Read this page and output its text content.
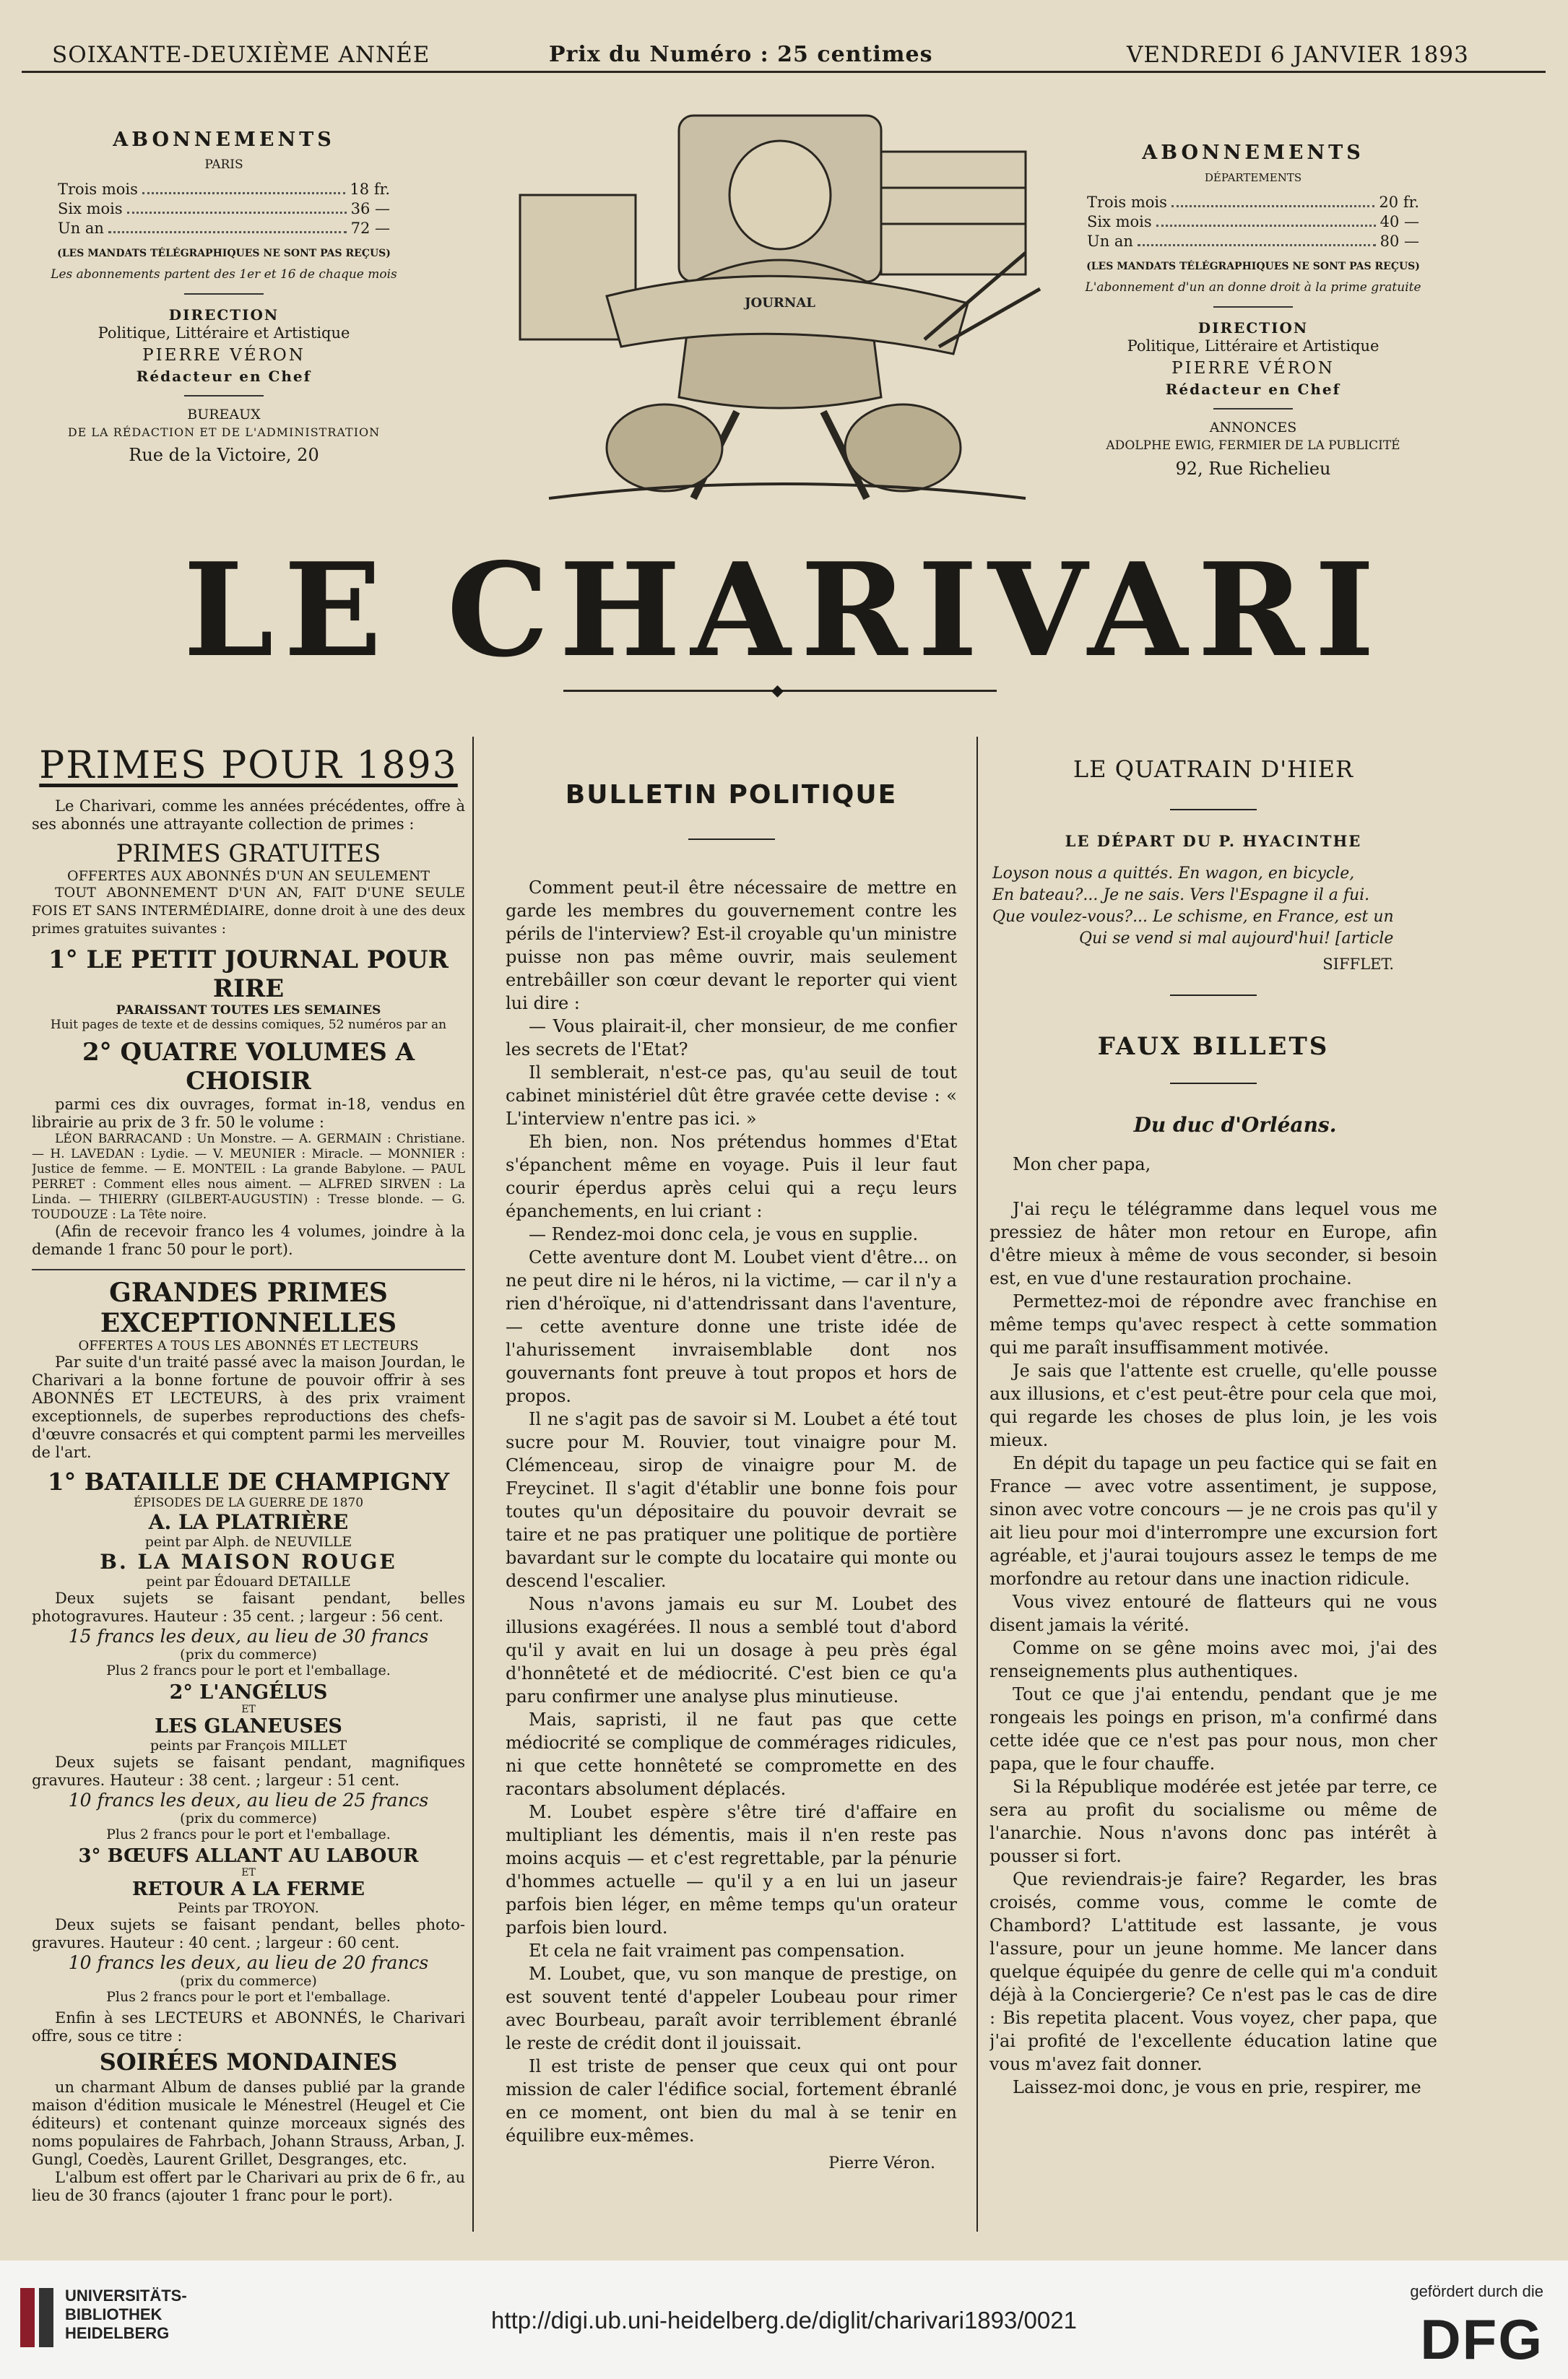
SOIXANTE-DEUXIÈME ANNÉE	Prix du Numéro : 25 centimes	VENDREDI 6 JANVIER 1893
ABONNEMENTS
PARIS
Trois mois	18 fr.
Six mois	36 —
Un an	72 —
(LES MANDATS TÉLÉGRAPHIQUES NE SONT PAS REÇUS)
Les abonnements partent des 1er et 16 de chaque mois
DIRECTION
Politique, Littéraire et Artistique
PIERRE VÉRON
Rédacteur en Chef
BUREAUX
DE LA RÉDACTION ET DE L'ADMINISTRATION
Rue de la Victoire, 20
JOURNAL
ABONNEMENTS
DÉPARTEMENTS
Trois mois	20 fr.
Six mois	40 —
Un an	80 —
(LES MANDATS TÉLÉGRAPHIQUES NE SONT PAS REÇUS)
L'abonnement d'un an donne droit à la prime gratuite
DIRECTION
Politique, Littéraire et Artistique
PIERRE VÉRON
Rédacteur en Chef
ANNONCES
ADOLPHE EWIG, FERMIER DE LA PUBLICITÉ
92, Rue Richelieu
LE CHARIVARI
◆
PRIMES POUR 1893

Le Charivari, comme les années précédentes, offre à ses abonnés une attrayante collection de primes :

PRIMES GRATUITES
OFFERTES AUX ABONNÉS D'UN AN SEULEMENT

TOUT ABONNEMENT D'UN AN, FAIT D'UNE SEULE FOIS ET SANS INTERMÉDIAIRE, donne droit à une des deux primes gratuites suivantes :

1° LE PETIT JOURNAL POUR RIRE
PARAISSANT TOUTES LES SEMAINES
Huit pages de texte et de dessins comiques, 52 numéros par an
2° QUATRE VOLUMES A CHOISIR

parmi ces dix ouvrages, format in-18, vendus en librairie au prix de 3 fr. 50 le volume :

LÉON BARRACAND : Un Monstre. — A. GERMAIN : Christiane. — H. LAVEDAN : Lydie. — V. MEUNIER : Miracle. — MONNIER : Justice de femme. — E. MONTEIL : La grande Babylone. — PAUL PERRET : Comment elles nous aiment. — ALFRED SIRVEN : La Linda. — THIERRY (GILBERT-AUGUSTIN) : Tresse blonde. — G. TOUDOUZE : La Tête noire.

(Afin de recevoir franco les 4 volumes, joindre à la demande 1 franc 50 pour le port).

GRANDES PRIMES EXCEPTIONNELLES
OFFERTES A TOUS LES ABONNÉS ET LECTEURS

Par suite d'un traité passé avec la maison Jourdan, le Charivari a la bonne fortune de pouvoir offrir à ses ABONNÉS ET LECTEURS, à des prix vraiment exceptionnels, de superbes reproductions des chefs-d'œuvre consacrés et qui comptent parmi les merveilles de l'art.

1° BATAILLE DE CHAMPIGNY
ÉPISODES DE LA GUERRE DE 1870
A. LA PLATRIÈRE
peint par Alph. de NEUVILLE
B. LA MAISON ROUGE
peint par Édouard DETAILLE

Deux sujets se faisant pendant, belles photogravures. Hauteur : 35 cent. ; largeur : 56 cent.

15 francs les deux, au lieu de 30 francs
(prix du commerce)
Plus 2 francs pour le port et l'emballage.
2° L'ANGÉLUS
ET
LES GLANEUSES
peints par François MILLET

Deux sujets se faisant pendant, magnifiques gravures. Hauteur : 38 cent. ; largeur : 51 cent.

10 francs les deux, au lieu de 25 francs
(prix du commerce)
Plus 2 francs pour le port et l'emballage.
3° BŒUFS ALLANT AU LABOUR
ET
RETOUR A LA FERME
Peints par TROYON.

Deux sujets se faisant pendant, belles photo-gravures. Hauteur : 40 cent. ; largeur : 60 cent.

10 francs les deux, au lieu de 20 francs
(prix du commerce)
Plus 2 francs pour le port et l'emballage.

Enfin à ses LECTEURS et ABONNÉS, le Charivari offre, sous ce titre :

SOIRÉES MONDAINES

un charmant Album de danses publié par la grande maison d'édition musicale le Ménestrel (Heugel et Cie éditeurs) et contenant quinze morceaux signés des noms populaires de Fahrbach, Johann Strauss, Arban, J. Gungl, Coedès, Laurent Grillet, Desgranges, etc.

L'album est offert par le Charivari au prix de 6 fr., au lieu de 30 francs (ajouter 1 franc pour le port).

BULLETIN POLITIQUE

Comment peut-il être nécessaire de mettre en garde les membres du gouvernement contre les périls de l'interview? Est-il croyable qu'un ministre puisse non pas même ouvrir, mais seulement entrebâiller son cœur devant le reporter qui vient lui dire :

— Vous plairait-il, cher monsieur, de me confier les secrets de l'Etat?

Il semblerait, n'est-ce pas, qu'au seuil de tout cabinet ministériel dût être gravée cette devise : « L'interview n'entre pas ici. »

Eh bien, non. Nos prétendus hommes d'Etat s'épanchent même en voyage. Puis il leur faut courir éperdus après celui qui a reçu leurs épanchements, en lui criant :

— Rendez-moi donc cela, je vous en supplie.

Cette aventure dont M. Loubet vient d'être... on ne peut dire ni le héros, ni la victime, — car il n'y a rien d'héroïque, ni d'attendrissant dans l'aventure, — cette aventure donne une triste idée de l'ahurissement invraisemblable dont nos gouvernants font preuve à tout propos et hors de propos.

Il ne s'agit pas de savoir si M. Loubet a été tout sucre pour M. Rouvier, tout vinaigre pour M. Clémenceau, sirop de vinaigre pour M. de Freycinet. Il s'agit d'établir une bonne fois pour toutes qu'un dépositaire du pouvoir devrait se taire et ne pas pratiquer une politique de portière bavardant sur le compte du locataire qui monte ou descend l'escalier.

Nous n'avons jamais eu sur M. Loubet des illusions exagérées. Il nous a semblé tout d'abord qu'il y avait en lui un dosage à peu près égal d'honnêteté et de médiocrité. C'est bien ce qu'a paru confirmer une analyse plus minutieuse.

Mais, sapristi, il ne faut pas que cette médiocrité se complique de commérages ridicules, ni que cette honnêteté se compromette en des racontars absolument déplacés.

M. Loubet espère s'être tiré d'affaire en multipliant les démentis, mais il n'en reste pas moins acquis — et c'est regrettable, par la pénurie d'hommes actuelle — qu'il y a en lui un jaseur parfois bien léger, en même temps qu'un orateur parfois bien lourd.

Et cela ne fait vraiment pas compensation.

M. Loubet, que, vu son manque de prestige, on est souvent tenté d'appeler Loubeau pour rimer avec Bourbeau, paraît avoir terriblement ébranlé le reste de crédit dont il jouissait.

Il est triste de penser que ceux qui ont pour mission de caler l'édifice social, fortement ébranlé en ce moment, ont bien du mal à se tenir en équilibre eux-mêmes.

Pierre Véron.
LE QUATRAIN D'HIER
LE DÉPART DU P. HYACINTHE
Loyson nous a quittés. En wagon, en bicycle,
En bateau?... Je ne sais. Vers l'Espagne il a fui.
Que voulez-vous?... Le schisme, en France, est un
Qui se vend si mal aujourd'hui! [article
SIFFLET.
FAUX BILLETS
Du duc d'Orléans.

Mon cher papa,

J'ai reçu le télégramme dans lequel vous me pressiez de hâter mon retour en Europe, afin d'être mieux à même de vous seconder, si besoin est, en vue d'une restauration prochaine.

Permettez-moi de répondre avec franchise en même temps qu'avec respect à cette sommation qui me paraît insuffisamment motivée.

Je sais que l'attente est cruelle, qu'elle pousse aux illusions, et c'est peut-être pour cela que moi, qui regarde les choses de plus loin, je les vois mieux.

En dépit du tapage un peu factice qui se fait en France — avec votre assentiment, je suppose, sinon avec votre concours — je ne crois pas qu'il y ait lieu pour moi d'interrompre une excursion fort agréable, et j'aurai toujours assez le temps de me morfondre au retour dans une inaction ridicule.

Vous vivez entouré de flatteurs qui ne vous disent jamais la vérité.

Comme on se gêne moins avec moi, j'ai des renseignements plus authentiques.

Tout ce que j'ai entendu, pendant que je me rongeais les poings en prison, m'a confirmé dans cette idée que ce n'est pas pour nous, mon cher papa, que le four chauffe.

Si la République modérée est jetée par terre, ce sera au profit du socialisme ou même de l'anarchie. Nous n'avons donc pas intérêt à pousser si fort.

Que reviendrais-je faire? Regarder, les bras croisés, comme vous, comme le comte de Chambord? L'attitude est lassante, je vous l'assure, pour un jeune homme. Me lancer dans quelque équipée du genre de celle qui m'a conduit déjà à la Conciergerie? Ce n'est pas le cas de dire : Bis repetita placent. Vous voyez, cher papa, que j'ai profité de l'excellente éducation latine que vous m'avez fait donner.

Laissez-moi donc, je vous en prie, respirer, me

UNIVERSITÄTS-
BIBLIOTHEK
HEIDELBERG	http://digi.ub.uni-heidelberg.de/diglit/charivari1893/0021
gefördert durch die
DFG
